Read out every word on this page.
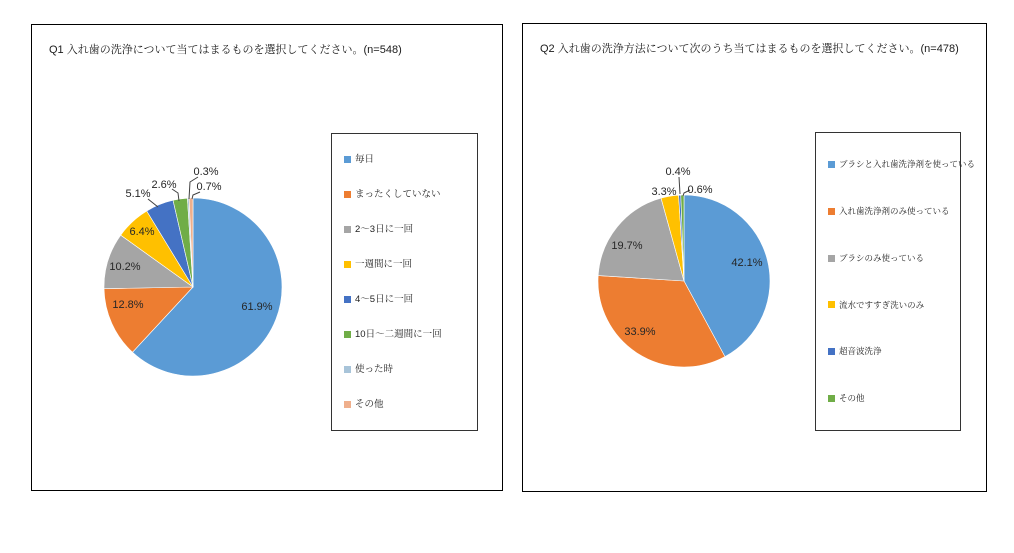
Q1 入れ歯の洗浄について当てはまるものを選択してください。(n=548)
61.9%
12.8%
10.2%
6.4%
5.1%
2.6%
0.3%
0.7%
毎日
まったくしていない
2～3日に一回
一週間に一回
4～5日に一回
10日～二週間に一回
使った時
その他
Q2 入れ歯の洗浄方法について次のうち当てはまるものを選択してください。(n=478)
42.1%
33.9%
19.7%
3.3%
0.4%
0.6%
ブラシと入れ歯洗浄剤を使っている
入れ歯洗浄剤のみ使っている
ブラシのみ使っている
流水ですすぎ洗いのみ
超音波洗浄
その他
